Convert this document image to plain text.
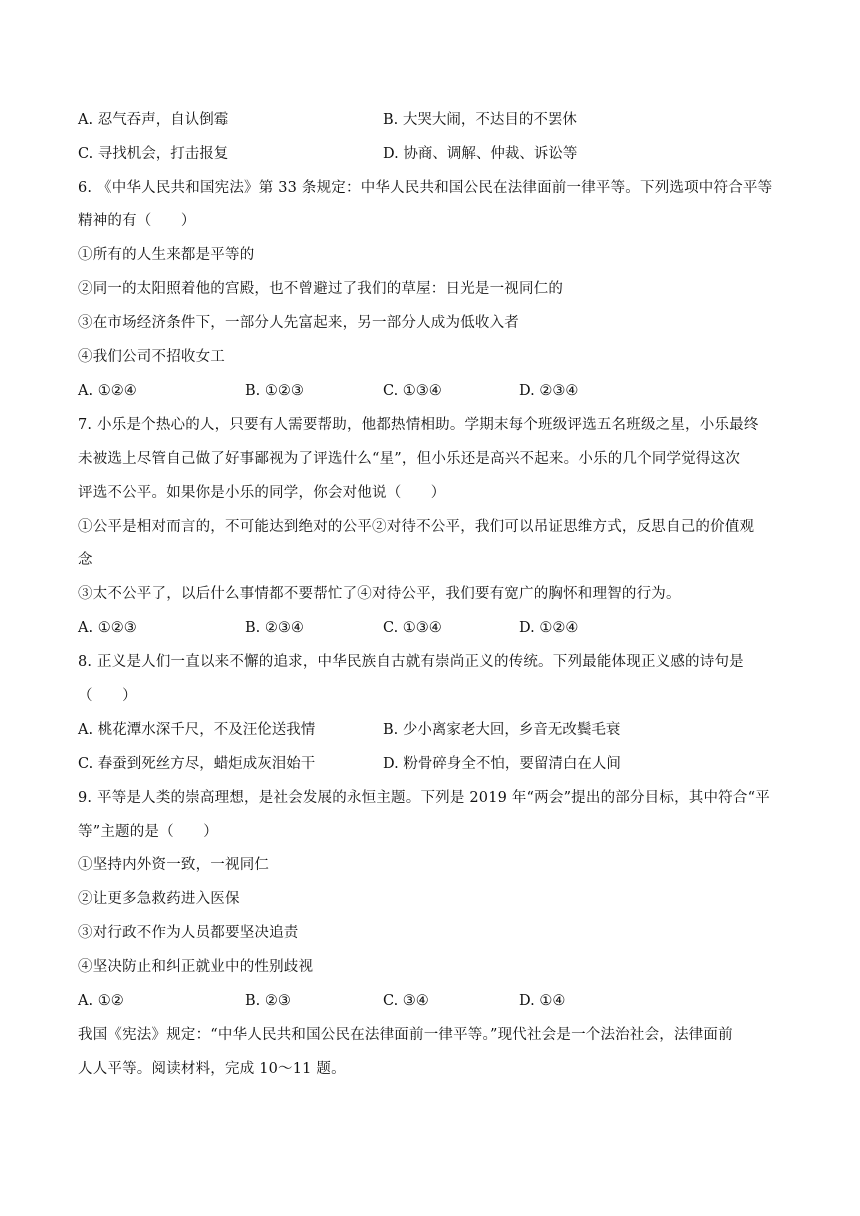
A. 忍气吞声，自认倒霉	B. 大哭大闹，不达目的不罢休
C. 寻找机会，打击报复	D. 协商、调解、仲裁、诉讼等
6. 《中华人民共和国宪法》第 33 条规定：中华人民共和国公民在法律面前一律平等。下列选项中符合平等
精神的有（　　）
①所有的人生来都是平等的
②同一的太阳照着他的宫殿，也不曾避过了我们的草屋：日光是一视同仁的
③在市场经济条件下，一部分人先富起来，另一部分人成为低收入者
④我们公司不招收女工
A. ①②④	B. ①②③	C. ①③④	D. ②③④
7. 小乐是个热心的人，只要有人需要帮助，他都热情相助。学期末每个班级评选五名班级之星，小乐最终
未被选上尽管自己做了好事鄙视为了评选什么“星”，但小乐还是高兴不起来。小乐的几个同学觉得这次
评选不公平。如果你是小乐的同学，你会对他说（　　）
①公平是相对而言的，不可能达到绝对的公平②对待不公平，我们可以吊证思维方式，反思自己的价值观
念
③太不公平了，以后什么事情都不要帮忙了④对待公平，我们要有宽广的胸怀和理智的行为。
A. ①②③	B. ②③④	C. ①③④	D. ①②④
8. 正义是人们一直以来不懈的追求，中华民族自古就有崇尚正义的传统。下列最能体现正义感的诗句是
（　　）
A. 桃花潭水深千尺，不及汪伦送我情	B. 少小离家老大回，乡音无改鬓毛衰
C. 春蚕到死丝方尽，蜡炬成灰泪始干	D. 粉骨碎身全不怕，要留清白在人间
9. 平等是人类的崇高理想，是社会发展的永恒主题。下列是 2019 年“两会”提出的部分目标，其中符合“平
等”主题的是（　　）
①坚持内外资一致，一视同仁
②让更多急救药进入医保
③对行政不作为人员都要坚决追责
④坚决防止和纠正就业中的性别歧视
A. ①②	B. ②③	C. ③④	D. ①④
我国《宪法》规定：“中华人民共和国公民在法律面前一律平等。”现代社会是一个法治社会，法律面前
人人平等。阅读材料，完成 10～11 题。
